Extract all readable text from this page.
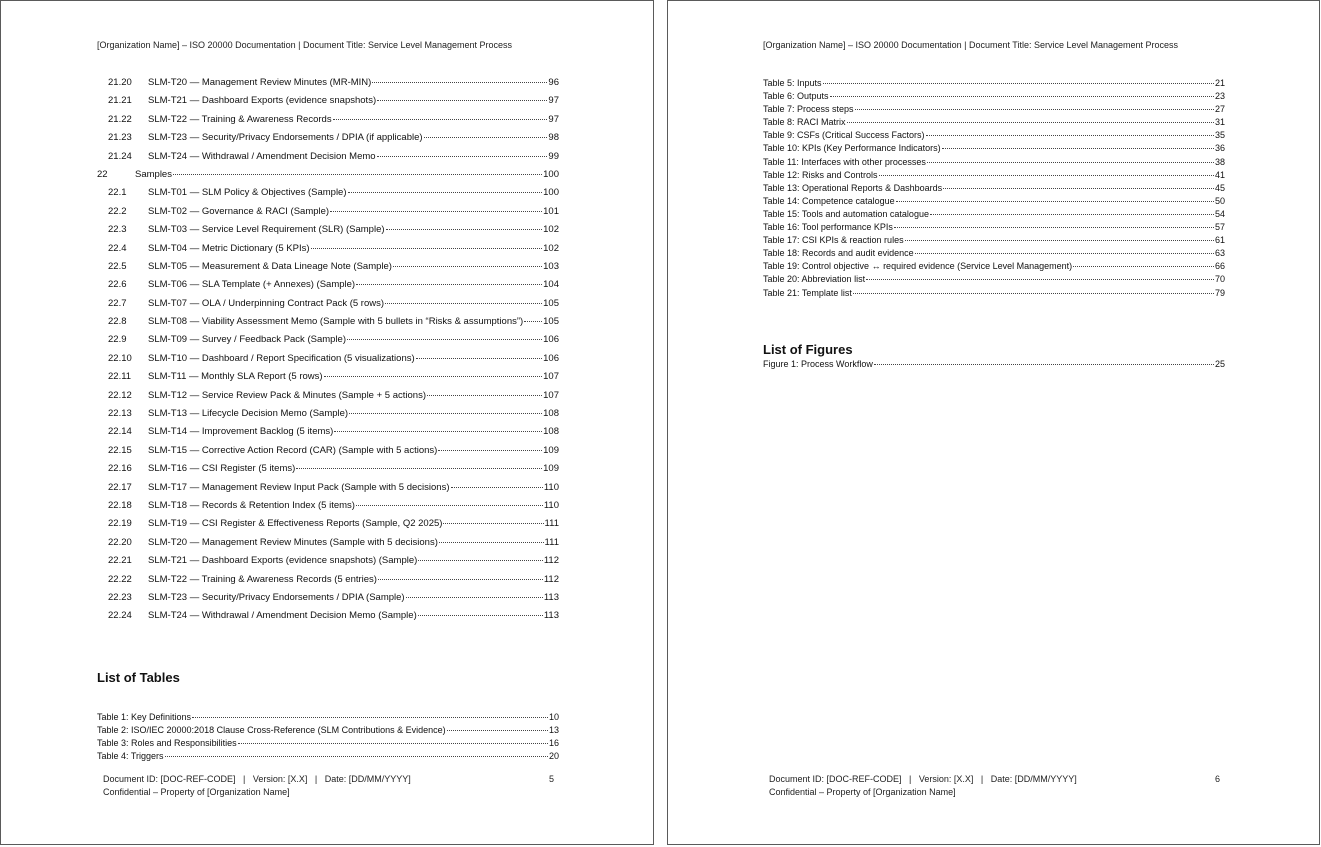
[Organization Name] – ISO 20000 Documentation | Document Title: Service Level Management Process
21.20	SLM-T20 — Management Review Minutes (MR-MIN)	96
21.21	SLM-T21 — Dashboard Exports (evidence snapshots)	97
21.22	SLM-T22 — Training & Awareness Records	97
21.23	SLM-T23 — Security/Privacy Endorsements / DPIA (if applicable)	98
21.24	SLM-T24 — Withdrawal / Amendment Decision Memo	99
22	Samples	100
22.1	SLM-T01 — SLM Policy & Objectives (Sample)	100
22.2	SLM-T02 — Governance & RACI (Sample)	101
22.3	SLM-T03 — Service Level Requirement (SLR) (Sample)	102
22.4	SLM-T04 — Metric Dictionary (5 KPIs)	102
22.5	SLM-T05 — Measurement & Data Lineage Note (Sample)	103
22.6	SLM-T06 — SLA Template (+ Annexes) (Sample)	104
22.7	SLM-T07 — OLA / Underpinning Contract Pack (5 rows)	105
22.8	SLM-T08 — Viability Assessment Memo (Sample with 5 bullets in “Risks & assumptions”) 105
22.9	SLM-T09 — Survey / Feedback Pack (Sample)	106
22.10	SLM-T10 — Dashboard / Report Specification (5 visualizations)	106
22.11	SLM-T11 — Monthly SLA Report (5 rows)	107
22.12	SLM-T12 — Service Review Pack & Minutes (Sample + 5 actions)	107
22.13	SLM-T13 — Lifecycle Decision Memo (Sample)	108
22.14	SLM-T14 — Improvement Backlog (5 items)	108
22.15	SLM-T15 — Corrective Action Record (CAR) (Sample with 5 actions)	109
22.16	SLM-T16 — CSI Register (5 items)	109
22.17	SLM-T17 — Management Review Input Pack (Sample with 5 decisions)	110
22.18	SLM-T18 — Records & Retention Index (5 items)	110
22.19	SLM-T19 — CSI Register & Effectiveness Reports (Sample, Q2 2025)	111
22.20	SLM-T20 — Management Review Minutes (Sample with 5 decisions)	111
22.21	SLM-T21 — Dashboard Exports (evidence snapshots) (Sample)	112
22.22	SLM-T22 — Training & Awareness Records (5 entries)	112
22.23	SLM-T23 — Security/Privacy Endorsements / DPIA (Sample)	113
22.24	SLM-T24 — Withdrawal / Amendment Decision Memo (Sample)	113
List of Tables
Table 1: Key Definitions	10
Table 2: ISO/IEC 20000:2018 Clause Cross-Reference (SLM Contributions & Evidence)	13
Table 3: Roles and Responsibilities	16
Table 4: Triggers	20
Document ID: [DOC-REF-CODE]   |   Version: [X.X]   |   Date: [DD/MM/YYYY]	5
Confidential – Property of [Organization Name]
[Organization Name] – ISO 20000 Documentation | Document Title: Service Level Management Process
Table 5: Inputs	21
Table 6: Outputs	23
Table 7: Process steps	27
Table 8: RACI Matrix	31
Table 9: CSFs (Critical Success Factors)	35
Table 10: KPIs (Key Performance Indicators)	36
Table 11: Interfaces with other processes	38
Table 12: Risks and Controls	41
Table 13: Operational Reports & Dashboards	45
Table 14: Competence catalogue	50
Table 15: Tools and automation catalogue	54
Table 16: Tool performance KPIs	57
Table 17: CSI KPIs & reaction rules	61
Table 18: Records and audit evidence	63
Table 19: Control objective ↔ required evidence (Service Level Management)	66
Table 20: Abbreviation list	70
Table 21: Template list	79
List of Figures
Figure 1: Process Workflow	25
Document ID: [DOC-REF-CODE]   |   Version: [X.X]   |   Date: [DD/MM/YYYY]	6
Confidential – Property of [Organization Name]
